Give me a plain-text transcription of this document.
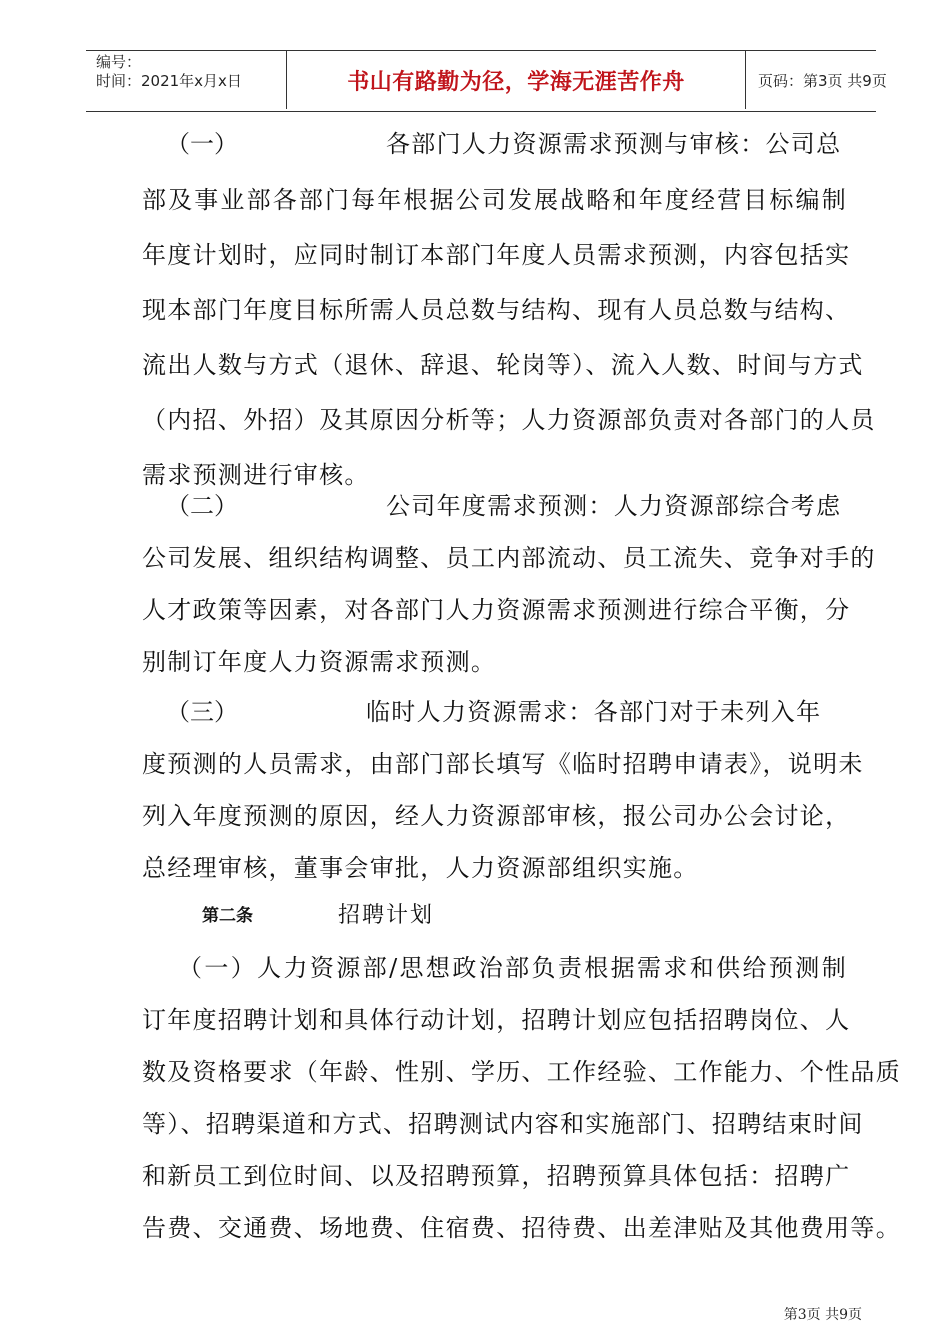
编号：
时间：2021年x月x日	书山有路勤为径，学海无涯苦作舟	页码：第3页 共9页
（一）	各部门人力资源需求预测与审核：公司总
部及事业部各部门每年根据公司发展战略和年度经营目标编制
年度计划时，应同时制订本部门年度人员需求预测，内容包括实
现本部门年度目标所需人员总数与结构、现有人员总数与结构、
流出人数与方式（退休、辞退、轮岗等）、流入人数、时间与方式
（内招、外招）及其原因分析等；人力资源部负责对各部门的人员
需求预测进行审核。
（二）	公司年度需求预测：人力资源部综合考虑
公司发展、组织结构调整、员工内部流动、员工流失、竞争对手的
人才政策等因素，对各部门人力资源需求预测进行综合平衡，分
别制订年度人力资源需求预测。
（三）	临时人力资源需求：各部门对于未列入年
度预测的人员需求，由部门部长填写《临时招聘申请表》，说明未
列入年度预测的原因，经人力资源部审核，报公司办公会讨论，
总经理审核，董事会审批，人力资源部组织实施。
第二条	招聘计划
（一）人力资源部/思想政治部负责根据需求和供给预测制
订年度招聘计划和具体行动计划，招聘计划应包括招聘岗位、人
数及资格要求（年龄、性别、学历、工作经验、工作能力、个性品质
等）、招聘渠道和方式、招聘测试内容和实施部门、招聘结束时间
和新员工到位时间、以及招聘预算，招聘预算具体包括：招聘广
告费、交通费、场地费、住宿费、招待费、出差津贴及其他费用等。
第3页 共9页
